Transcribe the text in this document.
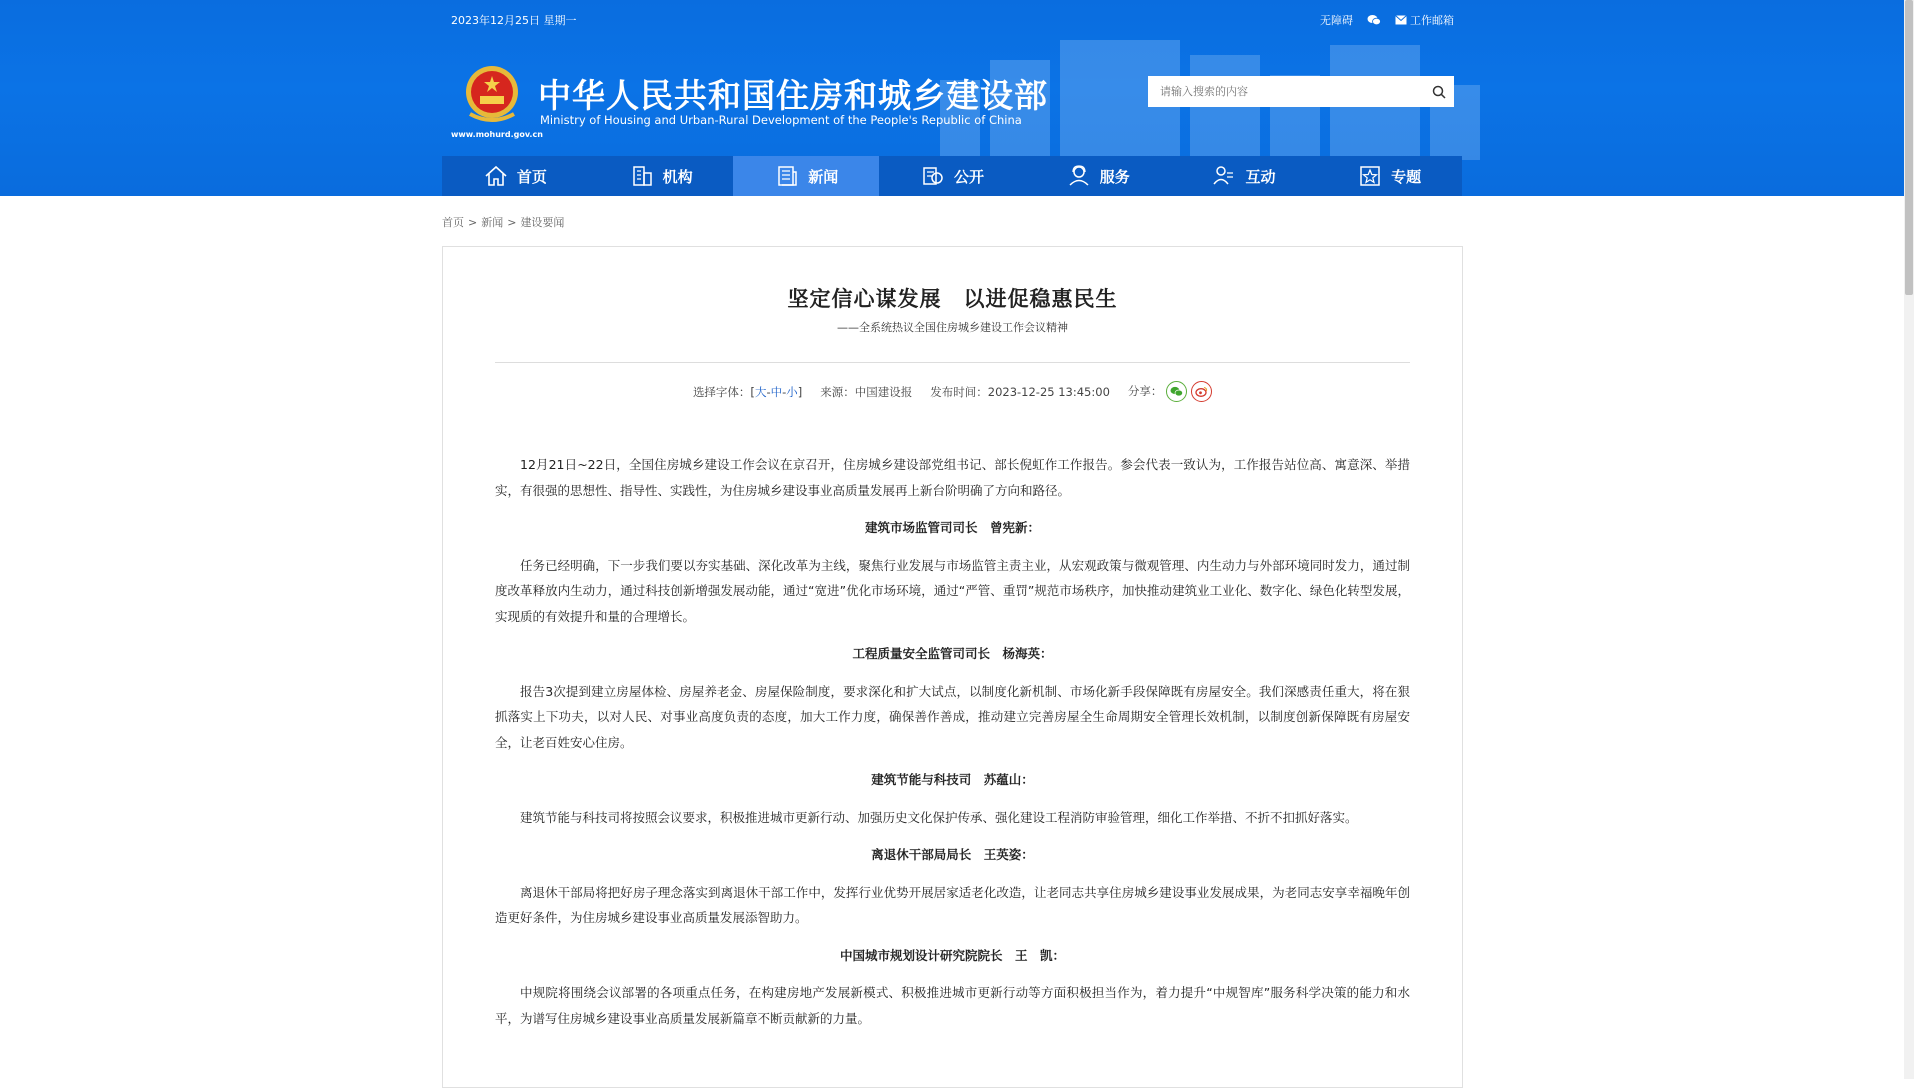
2023年12月25日 星期一	无障碍	工作邮箱
www.mohurd.gov.cn
中华人民共和国住房和城乡建设部
Ministry of Housing and Urban-Rural Development of the People's Republic of China
请输入搜索的内容
首页	机构	新闻	公开	服务	互动	专题
首页 > 新闻 > 建设要闻
坚定信心谋发展　以进促稳惠民生
——全系统热议全国住房城乡建设工作会议精神
选择字体：[大-中-小] 来源：中国建设报 发布时间：2023-12-25 13:45:00 分享：

12月21日~22日，全国住房城乡建设工作会议在京召开，住房城乡建设部党组书记、部长倪虹作工作报告。参会代表一致认为，工作报告站位高、寓意深、举措实，有很强的思想性、指导性、实践性，为住房城乡建设事业高质量发展再上新台阶明确了方向和路径。

建筑市场监管司司长　曾宪新：

任务已经明确，下一步我们要以夯实基础、深化改革为主线，聚焦行业发展与市场监管主责主业，从宏观政策与微观管理、内生动力与外部环境同时发力，通过制度改革释放内生动力，通过科技创新增强发展动能，通过“宽进”优化市场环境，通过“严管、重罚”规范市场秩序，加快推动建筑业工业化、数字化、绿色化转型发展，实现质的有效提升和量的合理增长。

工程质量安全监管司司长　杨海英：

报告3次提到建立房屋体检、房屋养老金、房屋保险制度，要求深化和扩大试点，以制度化新机制、市场化新手段保障既有房屋安全。我们深感责任重大，将在狠抓落实上下功夫，以对人民、对事业高度负责的态度，加大工作力度，确保善作善成，推动建立完善房屋全生命周期安全管理长效机制，以制度创新保障既有房屋安全，让老百姓安心住房。

建筑节能与科技司　苏蕴山：

建筑节能与科技司将按照会议要求，积极推进城市更新行动、加强历史文化保护传承、强化建设工程消防审验管理，细化工作举措、不折不扣抓好落实。

离退休干部局局长　王英姿：

离退休干部局将把好房子理念落实到离退休干部工作中，发挥行业优势开展居家适老化改造，让老同志共享住房城乡建设事业发展成果，为老同志安享幸福晚年创造更好条件，为住房城乡建设事业高质量发展添智助力。

中国城市规划设计研究院院长　王　凯：

中规院将围绕会议部署的各项重点任务，在构建房地产发展新模式、积极推进城市更新行动等方面积极担当作为，着力提升“中规智库”服务科学决策的能力和水平，为谱写住房城乡建设事业高质量发展新篇章不断贡献新的力量。
